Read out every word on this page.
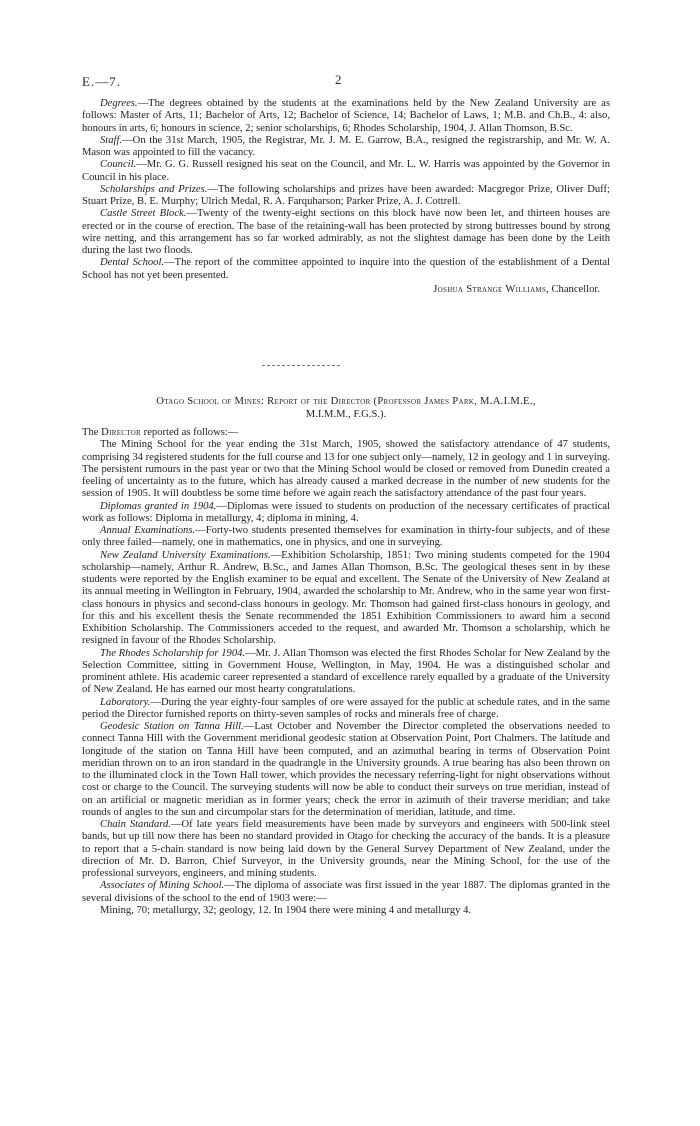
E.—7.	2

Degrees.—The degrees obtained by the students at the examinations held by the New Zealand University are as follows: Master of Arts, 11; Bachelor of Arts, 12; Bachelor of Science, 14; Bachelor of Laws, 1; M.B. and Ch.B., 4: also, honours in arts, 6; honours in science, 2; senior scholarships, 6; Rhodes Scholarship, 1904, J. Allan Thomson, B.Sc.

Staff.—On the 31st March, 1905, the Registrar, Mr. J. M. E. Garrow, B.A., resigned the registrarship, and Mr. W. A. Mason was appointed to fill the vacancy.

Council.—Mr. G. G. Russell resigned his seat on the Council, and Mr. L. W. Harris was appointed by the Governor in Council in his place.

Scholarships and Prizes.—The following scholarships and prizes have been awarded: Macgregor Prize, Oliver Duff; Stuart Prize, B. E. Murphy; Ulrich Medal, R. A. Farquharson; Parker Prize, A. J. Cottrell.

Castle Street Block.—Twenty of the twenty-eight sections on this block have now been let, and thirteen houses are erected or in the course of erection. The base of the retaining-wall has been protected by strong buttresses bound by strong wire netting, and this arrangement has so far worked admirably, as not the slightest damage has been done by the Leith during the last two floods.

Dental School.—The report of the committee appointed to inquire into the question of the establishment of a Dental School has not yet been presented.

Joshua Strange Williams, Chancellor.
Otago School of Mines: Report of the Director (Professor James Park, M.A.I.M.E.,
M.I.M.M., F.G.S.).

The Director reported as follows:—

The Mining School for the year ending the 31st March, 1905, showed the satisfactory attendance of 47 students, comprising 34 registered students for the full course and 13 for one subject only—namely, 12 in geology and 1 in surveying. The persistent rumours in the past year or two that the Mining School would be closed or removed from Dunedin created a feeling of uncertainty as to the future, which has already caused a marked decrease in the number of new students for the session of 1905. It will doubtless be some time before we again reach the satisfactory attendance of the past four years.

Diplomas granted in 1904.—Diplomas were issued to students on production of the necessary certificates of practical work as follows: Diploma in metallurgy, 4; diploma in mining, 4.

Annual Examinations.—Forty-two students presented themselves for examination in thirty-four subjects, and of these only three failed—namely, one in mathematics, one in physics, and one in surveying.

New Zealand University Examinations.—Exhibition Scholarship, 1851: Two mining students competed for the 1904 scholarship—namely, Arthur R. Andrew, B.Sc., and James Allan Thomson, B.Sc. The geological theses sent in by these students were reported by the English examiner to be equal and excellent. The Senate of the University of New Zealand at its annual meeting in Wellington in February, 1904, awarded the scholarship to Mr. Andrew, who in the same year won first-class honours in physics and second-class honours in geology. Mr. Thomson had gained first-class honours in geology, and for this and his excellent thesis the Senate recommended the 1851 Exhibition Commissioners to award him a second Exhibition Scholarship. The Commissioners acceded to the request, and awarded Mr. Thomson a scholarship, which he resigned in favour of the Rhodes Scholarship.

The Rhodes Scholarship for 1904.—Mr. J. Allan Thomson was elected the first Rhodes Scholar for New Zealand by the Selection Committee, sitting in Government House, Wellington, in May, 1904. He was a distinguished scholar and prominent athlete. His academic career represented a standard of excellence rarely equalled by a graduate of the University of New Zealand. He has earned our most hearty congratulations.

Laboratory.—During the year eighty-four samples of ore were assayed for the public at schedule rates, and in the same period the Director furnished reports on thirty-seven samples of rocks and minerals free of charge.

Geodesic Station on Tanna Hill.—Last October and November the Director completed the observations needed to connect Tanna Hill with the Government meridional geodesic station at Observation Point, Port Chalmers. The latitude and longitude of the station on Tanna Hill have been computed, and an azimuthal bearing in terms of Observation Point meridian thrown on to an iron standard in the quadrangle in the University grounds. A true bearing has also been thrown on to the illuminated clock in the Town Hall tower, which provides the necessary referring-light for night observations without cost or charge to the Council. The surveying students will now be able to conduct their surveys on true meridian, instead of on an artificial or magnetic meridian as in former years; check the error in azimuth of their traverse meridian; and take rounds of angles to the sun and circumpolar stars for the determination of meridian, latitude, and time.

Chain Standard.—Of late years field measurements have been made by surveyors and engineers with 500-link steel bands, but up till now there has been no standard provided in Otago for checking the accuracy of the bands. It is a pleasure to report that a 5-chain standard is now being laid down by the General Survey Department of New Zealand, under the direction of Mr. D. Barron, Chief Surveyor, in the University grounds, near the Mining School, for the use of the professional surveyors, engineers, and mining students.

Associates of Mining School.—The diploma of associate was first issued in the year 1887. The diplomas granted in the several divisions of the school to the end of 1903 were:—

Mining, 70; metallurgy, 32; geology, 12. In 1904 there were mining 4 and metallurgy 4.
